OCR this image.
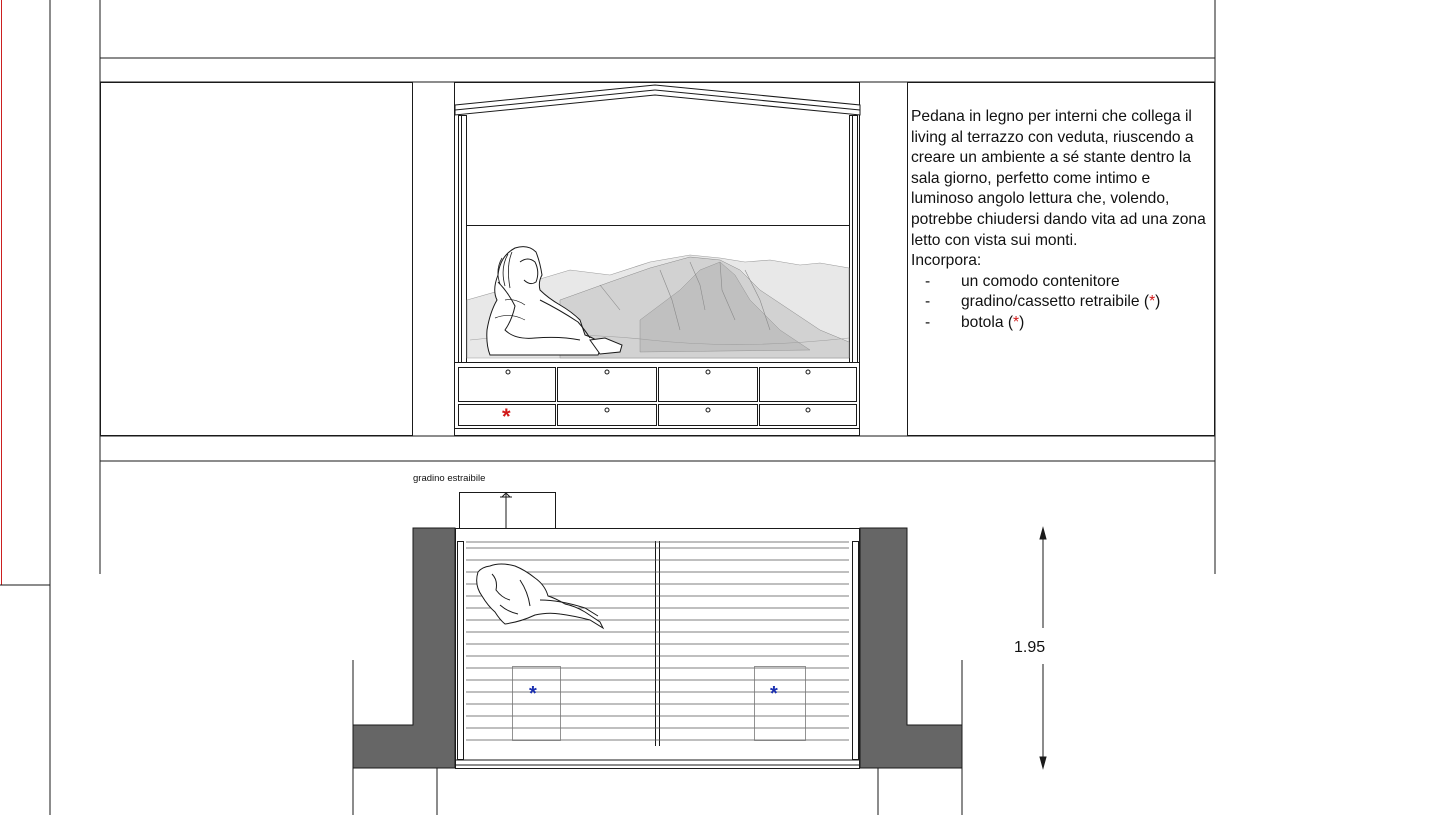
*
*	*
gradino estraibile
1.95

Pedana in legno per interni che collega il living al terrazzo con veduta, riuscendo a creare un ambiente a sé stante dentro la sala giorno, perfetto come intimo e luminoso angolo lettura che, volendo, potrebbe chiudersi dando vita ad una zona letto con vista sui monti.

Incorpora:

- un comodo contenitore
- gradino/cassetto retraibile (*)
- botola (*)
